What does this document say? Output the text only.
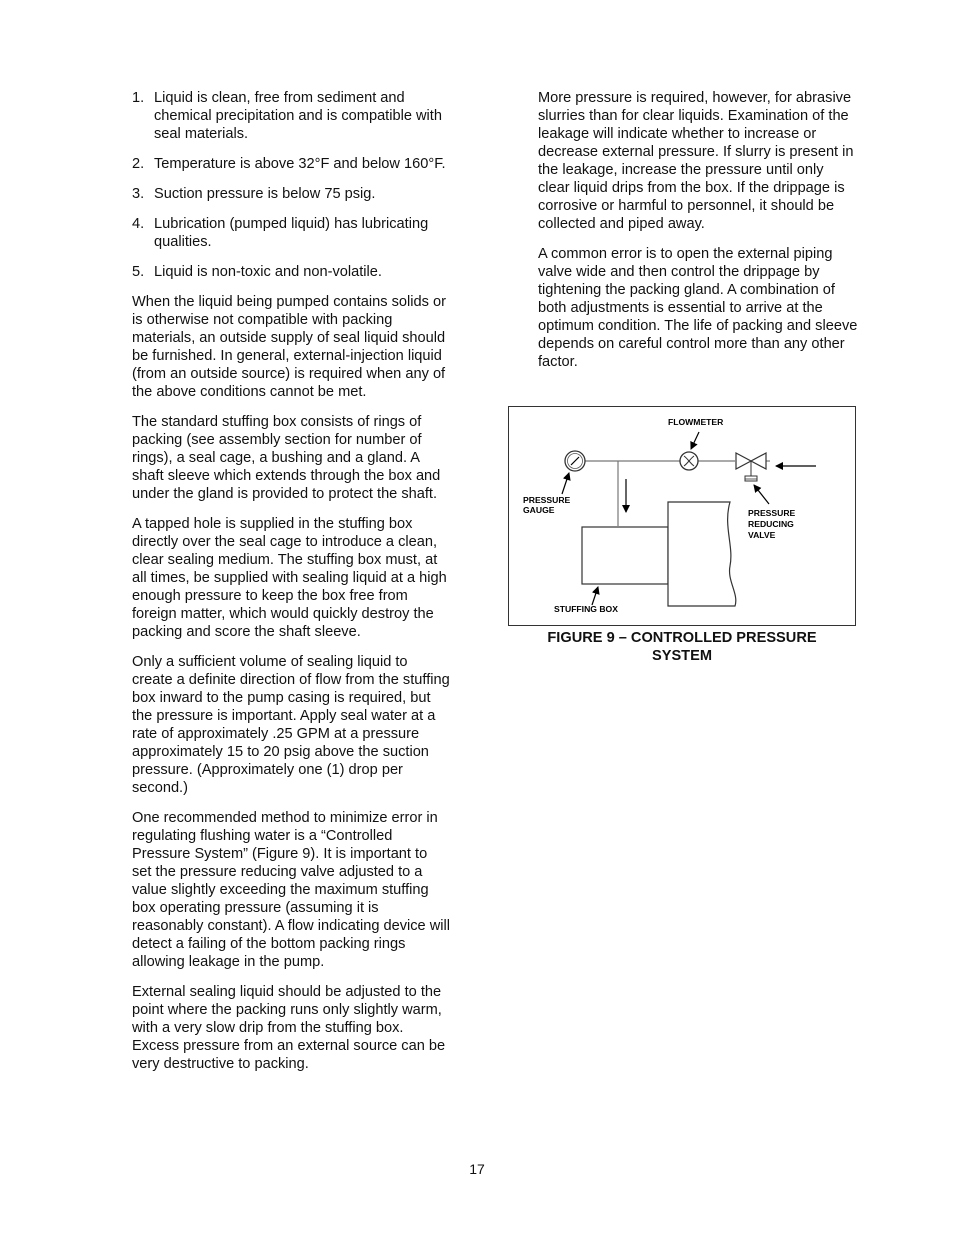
1. Liquid is clean, free from sediment and chemical precipitation and is compatible with seal materials.
2. Temperature is above 32°F and below 160°F.
3. Suction pressure is below 75 psig.
4. Lubrication (pumped liquid) has lubricating qualities.
5. Liquid is non-toxic and non-volatile.

When the liquid being pumped contains solids or is otherwise not compatible with packing materials, an outside supply of seal liquid should be furnished. In general, external-injection liquid (from an outside source) is required when any of the above conditions cannot be met.

The standard stuffing box consists of rings of packing (see assembly section for number of rings), a seal cage, a bushing and a gland. A shaft sleeve which extends through the box and under the gland is provided to protect the shaft.

A tapped hole is supplied in the stuffing box directly over the seal cage to introduce a clean, clear sealing medium. The stuffing box must, at all times, be supplied with sealing liquid at a high enough pressure to keep the box free from foreign matter, which would quickly destroy the packing and score the shaft sleeve.

Only a sufficient volume of sealing liquid to create a definite direction of flow from the stuffing box inward to the pump casing is required, but the pressure is important. Apply seal water at a rate of approximately .25 GPM at a pressure approximately 15 to 20 psig above the suction pressure. (Approximately one (1) drop per second.)

One recommended method to minimize error in regulating flushing water is a “Controlled Pressure System” (Figure 9). It is important to set the pressure reducing valve adjusted to a value slightly exceeding the maximum stuffing box operating pressure (assuming it is reasonably constant). A flow indicating device will detect a failing of the bottom packing rings allowing leakage in the pump.

External sealing liquid should be adjusted to the point where the packing runs only slightly warm, with a very slow drip from the stuffing box. Excess pressure from an external source can be very destructive to packing.

More pressure is required, however, for abrasive slurries than for clear liquids. Examination of the leakage will indicate whether to increase or decrease external pressure. If slurry is present in the leakage, increase the pressure until only clear liquid drips from the box. If the drippage is corrosive or harmful to personnel, it should be collected and piped away.

A common error is to open the external piping valve wide and then control the drippage by tightening the packing gland. A combination of both adjustments is essential to arrive at the optimum condition. The life of packing and sleeve depends on careful control more than any other factor.

FLOWMETER
PRESSURE
GAUGE	PRESSURE
REDUCING
VALVE
STUFFING BOX
FIGURE 9 – CONTROLLED PRESSURE
SYSTEM
17
